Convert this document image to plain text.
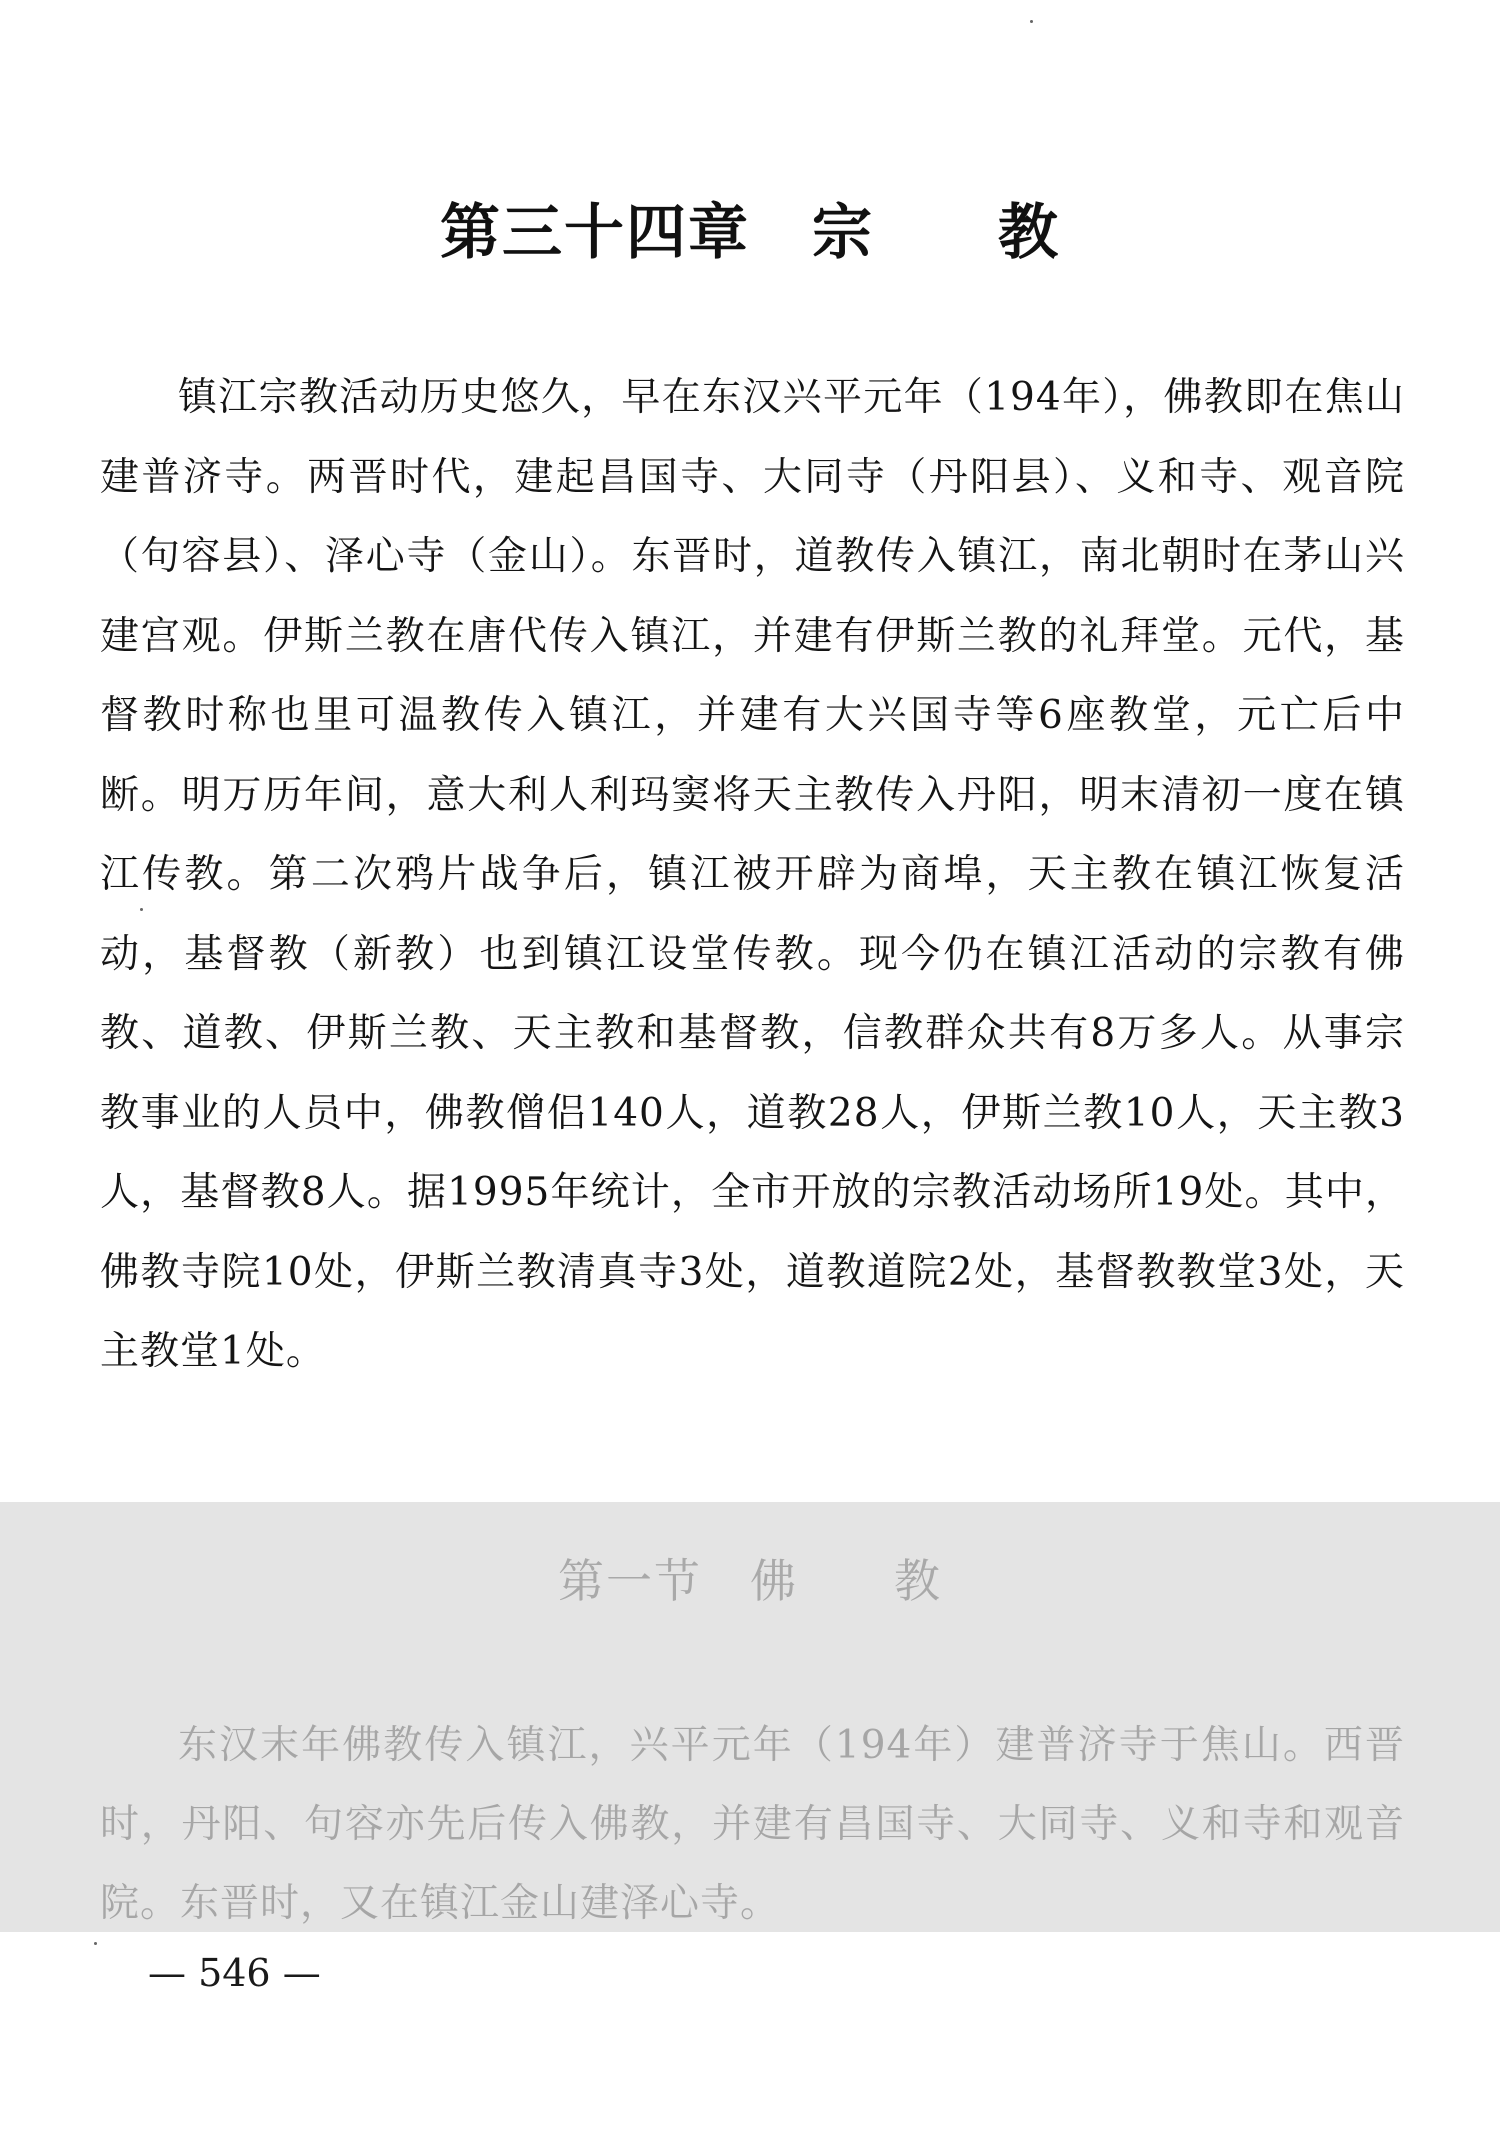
第三十四章　宗　　教

镇江宗教活动历史悠久，早在东汉兴平元年（194年），佛教即在焦山建普济寺。两晋时代，建起昌国寺、大同寺（丹阳县）、义和寺、观音院（句容县）、泽心寺（金山）。东晋时，道教传入镇江，南北朝时在茅山兴建宫观。伊斯兰教在唐代传入镇江，并建有伊斯兰教的礼拜堂。元代，基督教时称也里可温教传入镇江，并建有大兴国寺等6座教堂，元亡后中断。明万历年间，意大利人利玛窦将天主教传入丹阳，明末清初一度在镇江传教。第二次鸦片战争后，镇江被开辟为商埠，天主教在镇江恢复活动，基督教（新教）也到镇江设堂传教。现今仍在镇江活动的宗教有佛教、道教、伊斯兰教、天主教和基督教，信教群众共有8万多人。从事宗教事业的人员中，佛教僧侣140人，道教28人，伊斯兰教10人，天主教3人，基督教8人。据1995年统计，全市开放的宗教活动场所19处。其中，佛教寺院10处，伊斯兰教清真寺3处，道教道院2处，基督教教堂3处，天主教堂1处。

第一节　佛　　教

东汉末年佛教传入镇江，兴平元年（194年）建普济寺于焦山。西晋时，丹阳、句容亦先后传入佛教，并建有昌国寺、大同寺、义和寺和观音院。东晋时，又在镇江金山建泽心寺。

— 546 —
